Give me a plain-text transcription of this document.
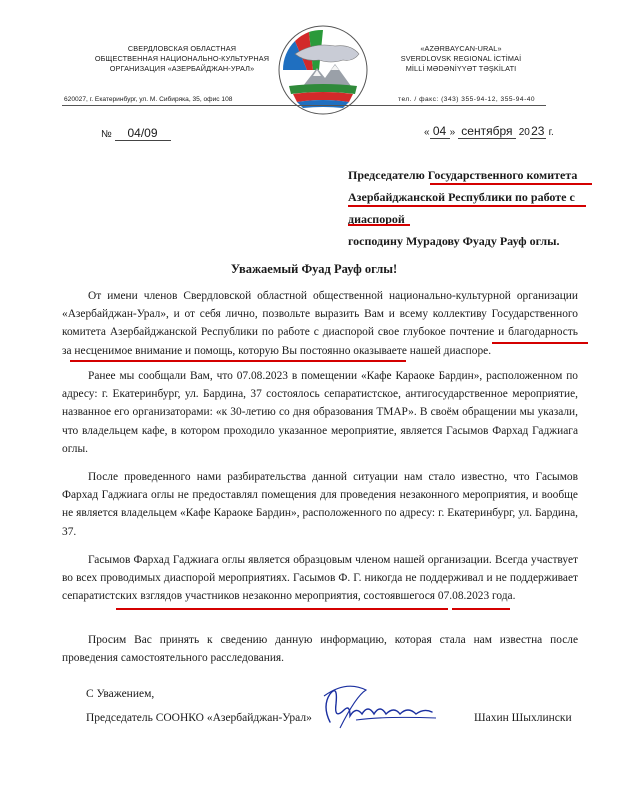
СВЕРДЛОВСКАЯ ОБЛАСТНАЯ
ОБЩЕСТВЕННАЯ НАЦИОНАЛЬНО-КУЛЬТУРНАЯ
ОРГАНИЗАЦИЯ «АЗЕРБАЙДЖАН-УРАЛ»
«AZƏRBAYCAN-URAL»
SVERDLOVSK REGIONAL İCTİMAİ
MİLLİ MƏDƏNİYYƏT TƏŞKİLATI
620027, г. Екатеринбург, ул. М. Сибиряка, 35, офис 108	тел. / факс: (343) 355-94-12, 355-94-40
№ 04/09	« 04 » сентября 2023 г.
Председателю Государственного комитета
Азербайджанской Республики по работе с
диаспорой
господину Мурадову Фуаду Рауф оглы.
Уважаемый Фуад Рауф оглы!
От имени членов Свердловской областной общественной национально-культурной организации «Азербайджан-Урал», и от себя лично, позвольте выразить Вам и всему коллективу Государственного комитета Азербайджанской Республики по работе с диаспорой свое глубокое почтение и благодарность за несценимое внимание и помощь, которую Вы постоянно оказываете нашей диаспоре.
Ранее мы сообщали Вам, что 07.08.2023 в помещении «Кафе Караоке Бардин», расположенном по адресу: г. Екатеринбург, ул. Бардина, 37 состоялось сепаратистское, антигосударственное мероприятие, названное его организаторами: «к 30-летию со дня образования ТМАР». В своём обращении мы указали, что владельцем кафе, в котором проходило указанное мероприятие, является Гасымов Фархад Гаджиага оглы.
После проведенного нами разбирательства данной ситуации нам стало известно, что Гасымов Фархад Гаджиага оглы не предоставлял помещения для проведения незаконного мероприятия, и вообще не является владельцем «Кафе Караоке Бардин», расположенного по адресу: г. Екатеринбург, ул. Бардина, 37.
Гасымов Фархад Гаджиага оглы является образцовым членом нашей организации. Всегда участвует во всех проводимых диаспорой мероприятиях. Гасымов Ф. Г. никогда не поддерживал и не поддерживает сепаратистских взглядов участников незаконно мероприятия, состоявшегося 07.08.2023 года.
Просим Вас принять к сведению данную информацию, которая стала нам известна после проведения самостоятельного расследования.
С Уважением,
Председатель СООНКО «Азербайджан-Урал»	Шахин Шыхлински
